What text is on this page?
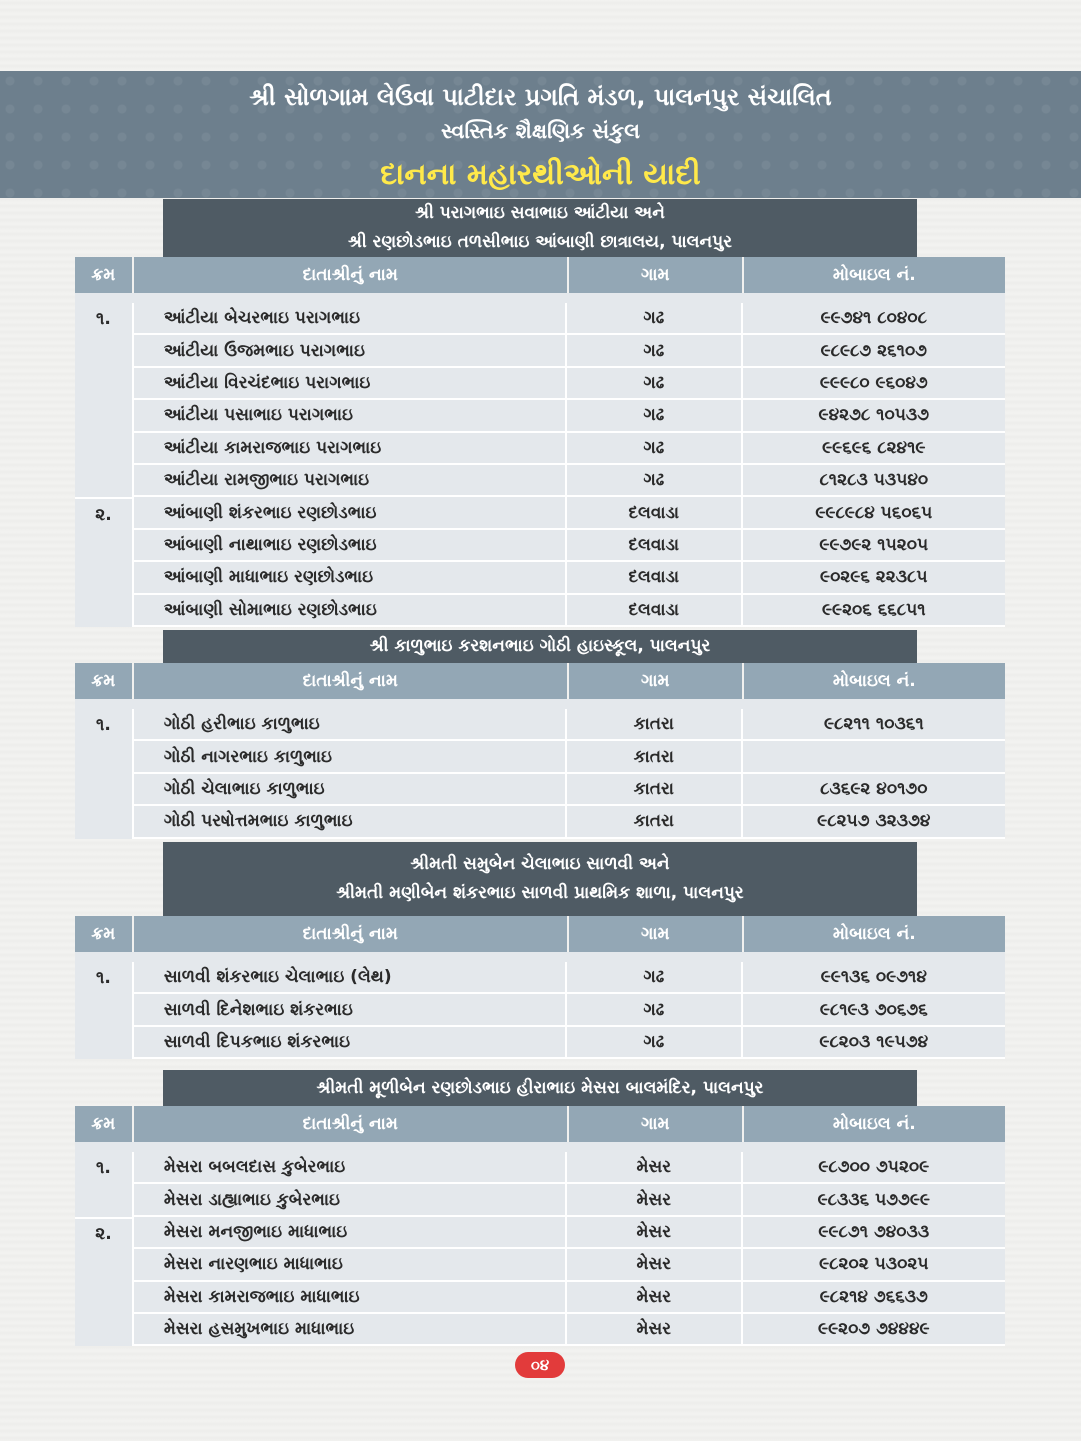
શ્રી સોળગામ લેઉવા પાટીદાર પ્રગતિ મંડળ, પાલનપુર સંચાલિત
સ્વસ્તિક શૈક્ષણિક સંકુલ
દાનના મહારથીઓની યાદી
શ્રી પરાગભાઇ સવાભાઇ આંટીયા અને
શ્રી રણછોડભાઇ તળસીભાઇ આંબાણી છાત્રાલય, પાલનપુર
ક્રમ	દાતાશ્રીનું નામ	ગામ	મોબાઇલ નં.
૧.	આંટીયા બેચરભાઇ પરાગભાઇ	ગઢ	૯૯૭૪૧ ૮૦૪૦૮
આંટીયા ઉજમભાઇ પરાગભાઇ	ગઢ	૯૮૯૮૭ ૨૬૧૦૭
આંટીયા વિરચંદભાઇ પરાગભાઇ	ગઢ	૯૯૯૮૦ ૯૬૦૪૭
આંટીયા પસાભાઇ પરાગભાઇ	ગઢ	૯૪૨૭૮ ૧૦૫૩૭
આંટીયા કામરાજભાઇ પરાગભાઇ	ગઢ	૯૯૬૯૬ ૮૨૪૧૯
આંટીયા રામજીભાઇ પરાગભાઇ	ગઢ	૮૧૨૮૩ ૫૩૫૪૦
૨.	આંબાણી શંકરભાઇ રણછોડભાઇ	દલવાડા	૯૯૮૯૮૪ ૫૬૦૬૫
આંબાણી નાથાભાઇ રણછોડભાઇ	દલવાડા	૯૯૭૯૨ ૧૫૨૦૫
આંબાણી માધાભાઇ રણછોડભાઇ	દલવાડા	૯૦૨૯૬ ૨૨૩૮૫
આંબાણી સોમાભાઇ રણછોડભાઇ	દલવાડા	૯૯૨૦૬ ૬૬૮૫૧
શ્રી કાળુભાઇ કરશનભાઇ ગોઠી હાઇસ્કૂલ, પાલનપુર
ક્રમ	દાતાશ્રીનું નામ	ગામ	મોબાઇલ નં.
૧.	ગોઠી હરીભાઇ કાળુભાઇ	કાતરા	૯૮૨૧૧ ૧૦૩૬૧
ગોઠી નાગરભાઇ કાળુભાઇ	કાતરા
ગોઠી ચેલાભાઇ કાળુભાઇ	કાતરા	૮૩૬૯૨ ૪૦૧૭૦
ગોઠી પરષોત્તમભાઇ કાળુભાઇ	કાતરા	૯૮૨૫૭ ૩૨૩૭૪
શ્રીમતી સમુબેન ચેલાભાઇ સાળવી અને
શ્રીમતી મણીબેન શંકરભાઇ સાળવી પ્રાથમિક શાળા, પાલનપુર
ક્રમ	દાતાશ્રીનું નામ	ગામ	મોબાઇલ નં.
૧.	સાળવી શંકરભાઇ ચેલાભાઇ (લેથ)	ગઢ	૯૯૧૩૬ ૦૯૭૧૪
સાળવી દિનેશભાઇ શંકરભાઇ	ગઢ	૯૮૧૯૩ ૭૦૬૭૬
સાળવી દિપકભાઇ શંકરભાઇ	ગઢ	૯૮૨૦૩ ૧૯૫૭૪
શ્રીમતી મૂળીબેન રણછોડભાઇ હીરાભાઇ મેસરા બાલમંદિર, પાલનપુર
ક્રમ	દાતાશ્રીનું નામ	ગામ	મોબાઇલ નં.
૧.	મેસરા બબલદાસ કુબેરભાઇ	મેસર	૯૮૭૦૦ ૭૫૨૦૯
મેસરા ડાહ્યાભાઇ કુબેરભાઇ	મેસર	૯૮૩૩૬ ૫૭૭૯૯
૨.	મેસરા મનજીભાઇ માધાભાઇ	મેસર	૯૯૮૭૧ ૭૪૦૩૩
મેસરા નારણભાઇ માધાભાઇ	મેસર	૯૮૨૦૨ ૫૩૦૨૫
મેસરા કામરાજભાઇ માધાભાઇ	મેસર	૯૮૨૧૪ ૭૬૬૩૭
મેસરા હસમુખભાઇ માધાભાઇ	મેસર	૯૯૨૦૭ ૭૪૪૪૯
૦૪
